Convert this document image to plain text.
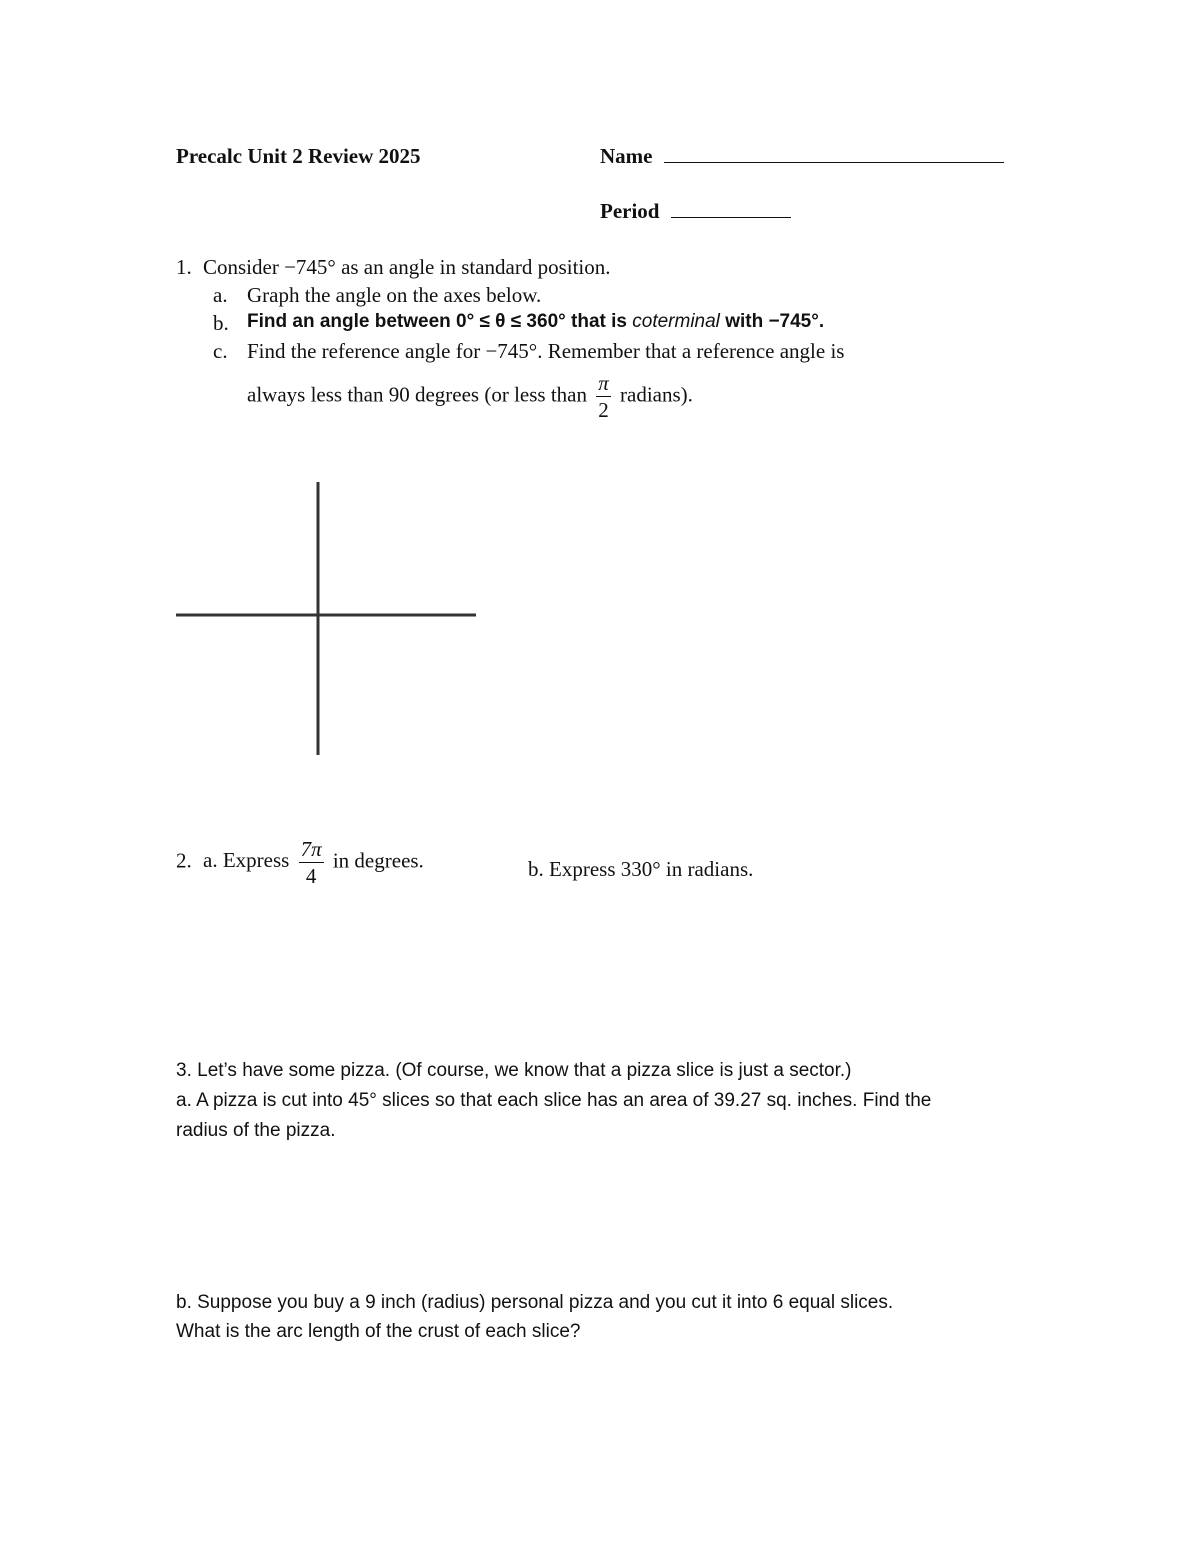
Precalc Unit 2 Review 2025	Name
Period
1. Consider −745° as an angle in standard position.
a. Graph the angle on the axes below.
b. Find an angle between 0° ≤ θ ≤ 360° that is coterminal with −745°.
c. Find the reference angle for −745°. Remember that a reference angle is
always less than 90 degrees (or less than $\frac{\pi}{2}$ radians).
2. a. Express $\frac{7\pi}{4}$ in degrees.	b. Express 330° in radians.
3. Let’s have some pizza. (Of course, we know that a pizza slice is just a sector.)
a. A pizza is cut into 45° slices so that each slice has an area of 39.27 sq. inches. Find the
radius of the pizza.
b. Suppose you buy a 9 inch (radius) personal pizza and you cut it into 6 equal slices.
What is the arc length of the crust of each slice?
